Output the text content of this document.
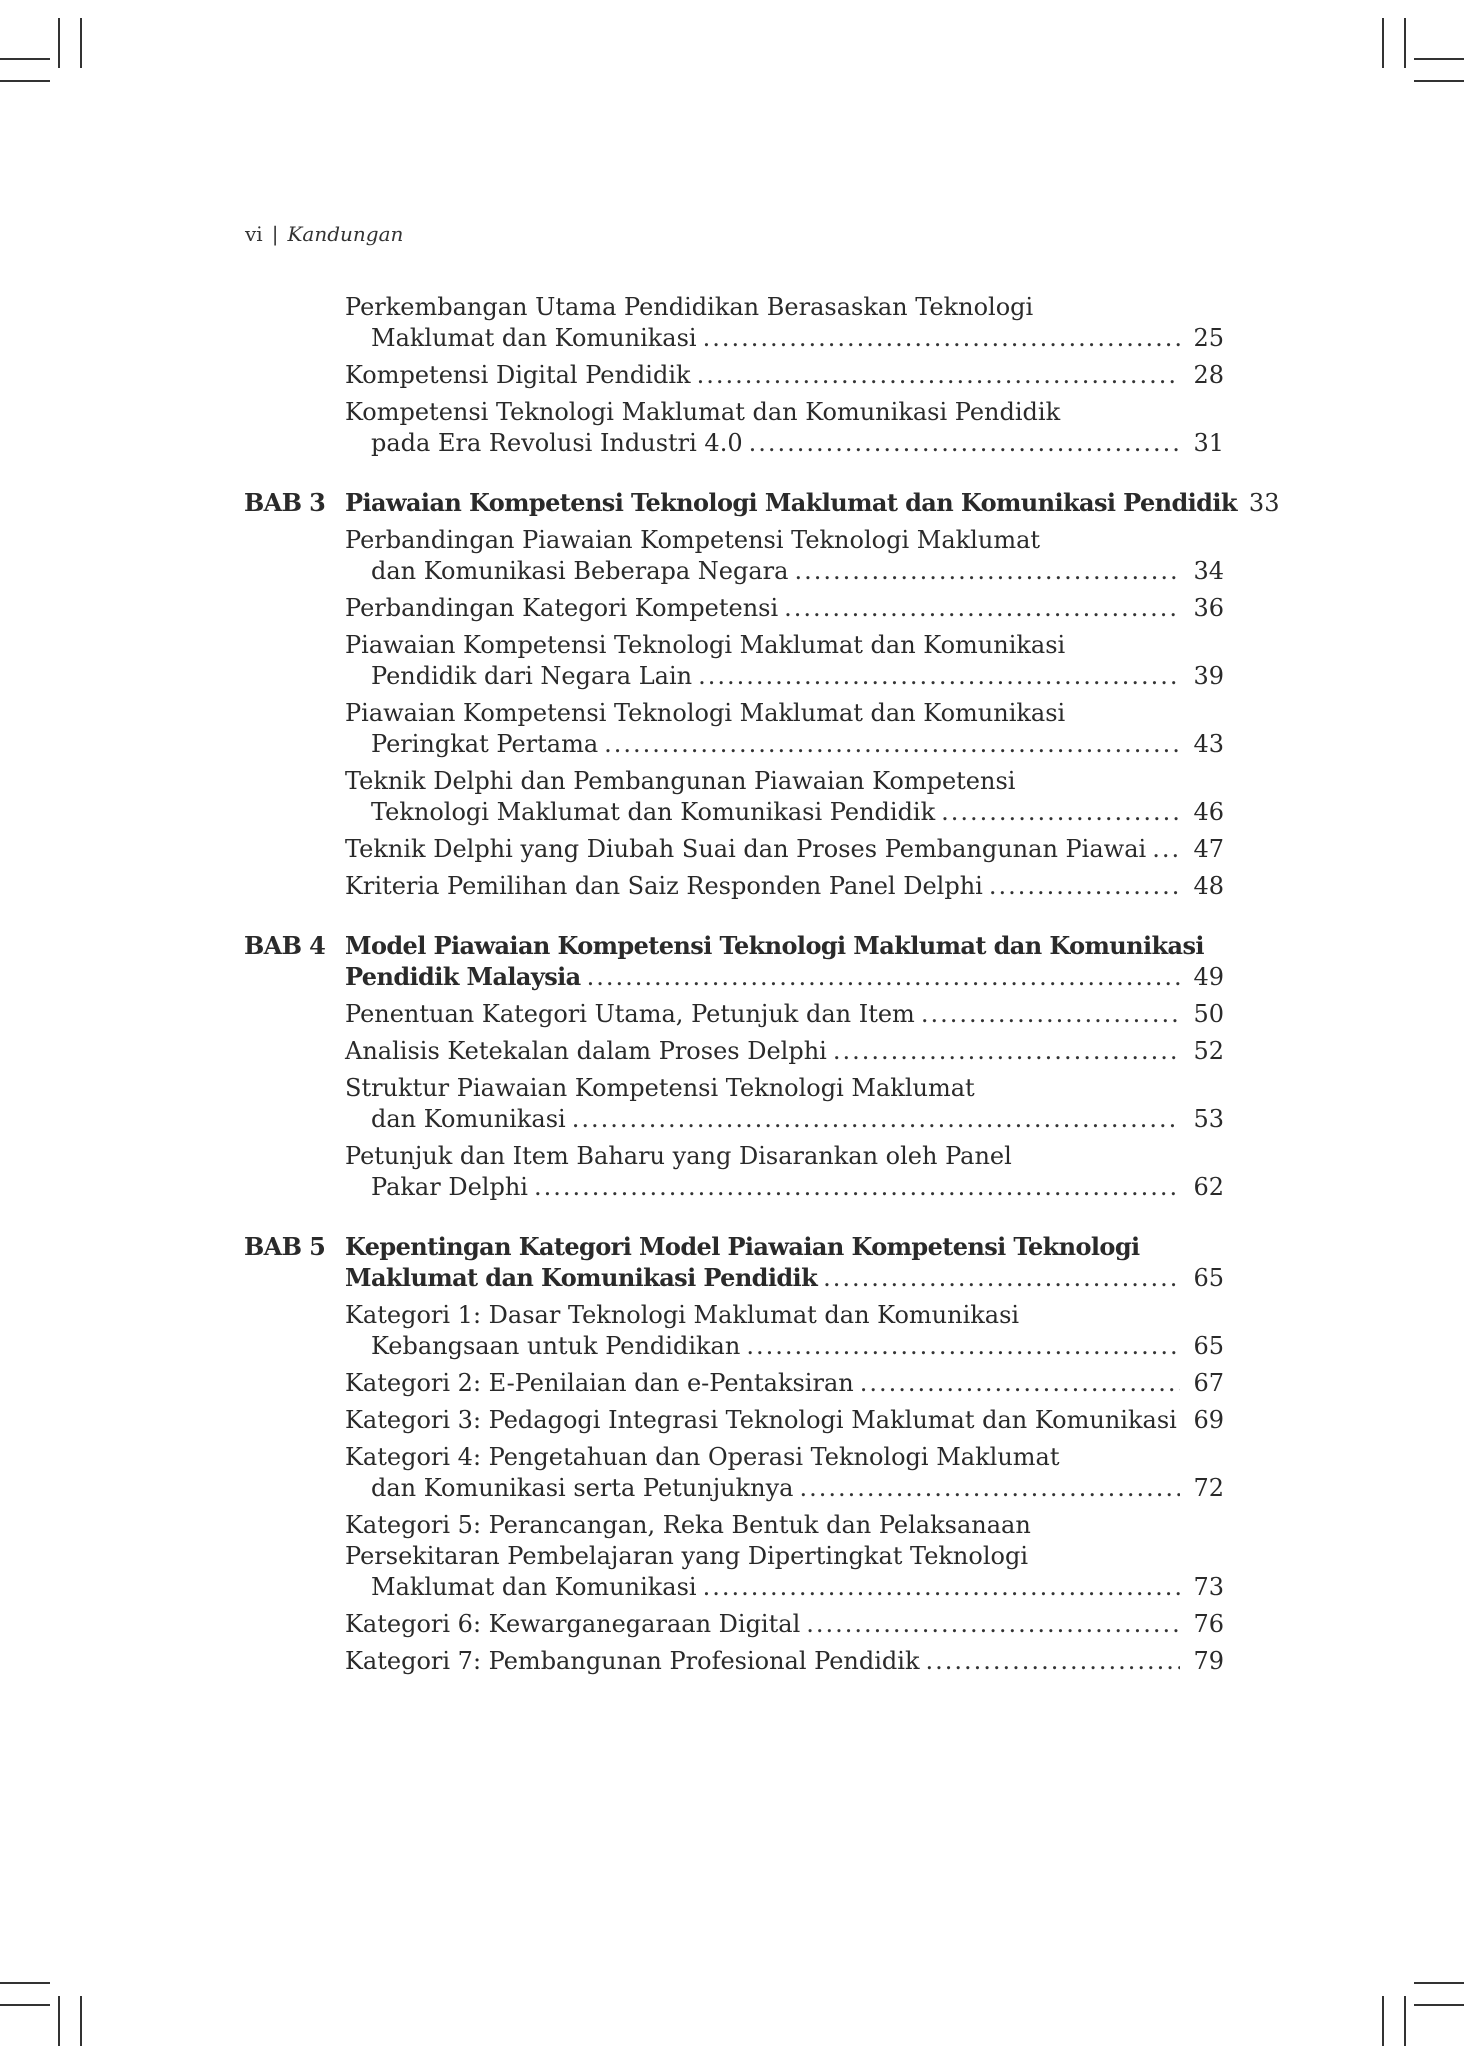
vi | Kandungan
Perkembangan Utama Pendidikan Berasaskan Teknologi
Maklumat dan Komunikasi .....	25
Kompetensi Digital Pendidik .....	28
Kompetensi Teknologi Maklumat dan Komunikasi Pendidik
pada Era Revolusi Industri 4.0 .....	31
BAB 3 Piawaian Kompetensi Teknologi Maklumat dan Komunikasi Pendidik 33
Perbandingan Piawaian Kompetensi Teknologi Maklumat
dan Komunikasi Beberapa Negara .....	34
Perbandingan Kategori Kompetensi .....	36
Piawaian Kompetensi Teknologi Maklumat dan Komunikasi
Pendidik dari Negara Lain .....	39
Piawaian Kompetensi Teknologi Maklumat dan Komunikasi
Peringkat Pertama .....	43
Teknik Delphi dan Pembangunan Piawaian Kompetensi
Teknologi Maklumat dan Komunikasi Pendidik .....	46
Teknik Delphi yang Diubah Suai dan Proses Pembangunan Piawai .....	47
Kriteria Pemilihan dan Saiz Responden Panel Delphi .....	48
BAB 4 Model Piawaian Kompetensi Teknologi Maklumat dan Komunikasi
Pendidik Malaysia .....	49
Penentuan Kategori Utama, Petunjuk dan Item .....	50
Analisis Ketekalan dalam Proses Delphi .....	52
Struktur Piawaian Kompetensi Teknologi Maklumat
dan Komunikasi .....	53
Petunjuk dan Item Baharu yang Disarankan oleh Panel
Pakar Delphi .....	62
BAB 5 Kepentingan Kategori Model Piawaian Kompetensi Teknologi
Maklumat dan Komunikasi Pendidik .....	65
Kategori 1: Dasar Teknologi Maklumat dan Komunikasi
Kebangsaan untuk Pendidikan .....	65
Kategori 2: E-Penilaian dan e-Pentaksiran .....	67
Kategori 3: Pedagogi Integrasi Teknologi Maklumat dan Komunikasi 69
Kategori 4: Pengetahuan dan Operasi Teknologi Maklumat
dan Komunikasi serta Petunjuknya .....	72
Kategori 5: Perancangan, Reka Bentuk dan Pelaksanaan
Persekitaran Pembelajaran yang Dipertingkat Teknologi
Maklumat dan Komunikasi .....	73
Kategori 6: Kewarganegaraan Digital .....	76
Kategori 7: Pembangunan Profesional Pendidik .....	79
